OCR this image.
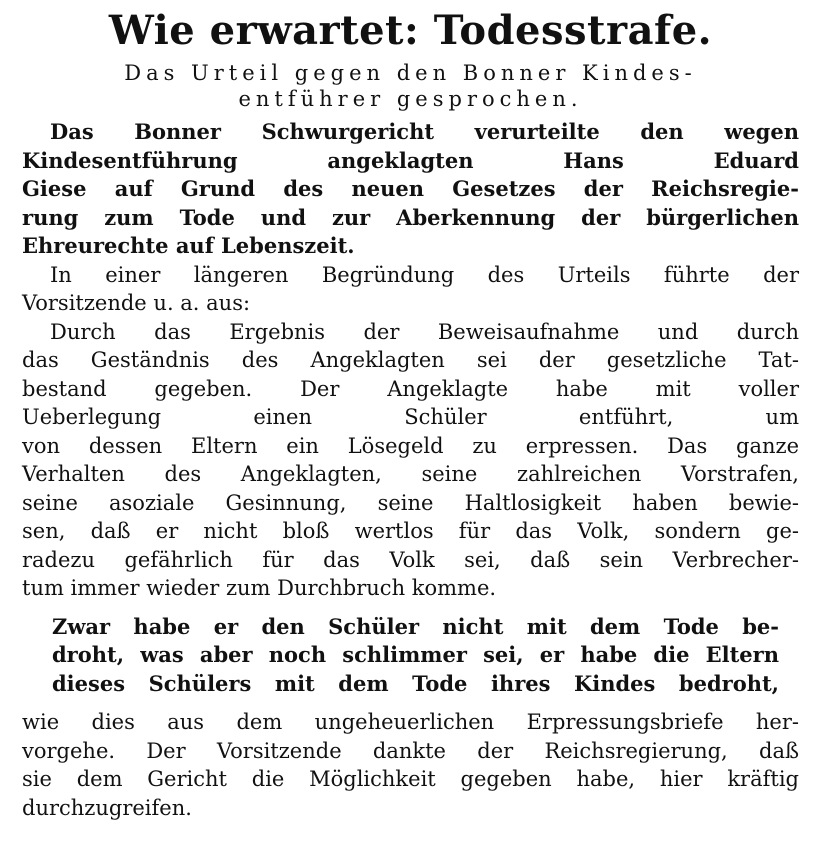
Wie erwartet: Todesstrafe.
Das Urteil gegen den Bonner Kindes-
entführer gesprochen.
Das Bonner Schwurgericht verurteilte den wegen
Kindesentführung angeklagten Hans Eduard
Giese auf Grund des neuen Gesetzes der Reichsregie-
rung zum Tode und zur Aberkennung der bürgerlichen
Ehreurechte auf Lebenszeit.
In einer längeren Begründung des Urteils führte der
Vorsitzende u. a. aus:
Durch das Ergebnis der Beweisaufnahme und durch
das Geständnis des Angeklagten sei der gesetzliche Tat-
bestand gegeben. Der Angeklagte habe mit voller
Ueberlegung einen Schüler entführt, um
von dessen Eltern ein Lösegeld zu erpressen. Das ganze
Verhalten des Angeklagten, seine zahlreichen Vorstrafen,
seine asoziale Gesinnung, seine Haltlosigkeit haben bewie-
sen, daß er nicht bloß wertlos für das Volk, sondern ge-
radezu gefährlich für das Volk sei, daß sein Verbrecher-
tum immer wieder zum Durchbruch komme.
Zwar habe er den Schüler nicht mit dem Tode be-
droht, was aber noch schlimmer sei, er habe die Eltern
dieses Schülers mit dem Tode ihres Kindes bedroht,
wie dies aus dem ungeheuerlichen Erpressungsbriefe her-
vorgehe. Der Vorsitzende dankte der Reichsregierung, daß
sie dem Gericht die Möglichkeit gegeben habe, hier kräftig
durchzugreifen.
